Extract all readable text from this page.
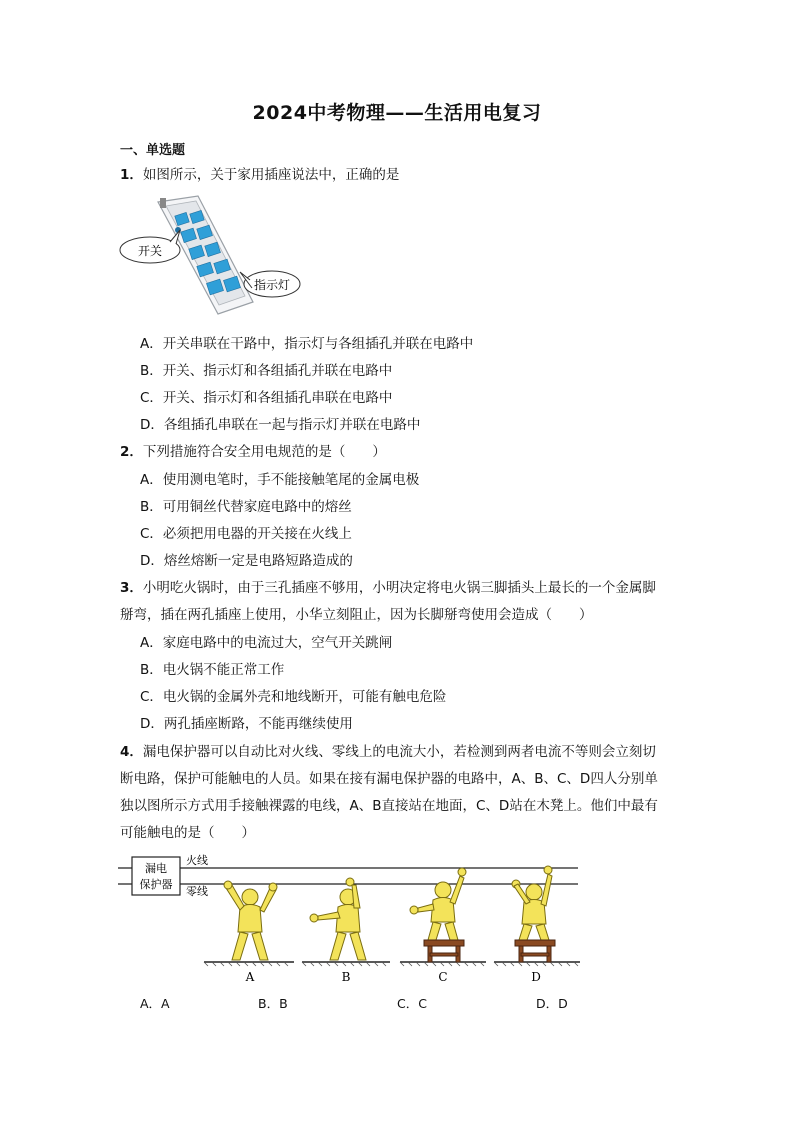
2024中考物理——生活用电复习
一、单选题
1．如图所示，关于家用插座说法中，正确的是
开关
指示灯
A．开关串联在干路中，指示灯与各组插孔并联在电路中
B．开关、指示灯和各组插孔并联在电路中
C．开关、指示灯和各组插孔串联在电路中
D．各组插孔串联在一起与指示灯并联在电路中
2．下列措施符合安全用电规范的是（　　）
A．使用测电笔时，手不能接触笔尾的金属电极
B．可用铜丝代替家庭电路中的熔丝
C．必须把用电器的开关接在火线上
D．熔丝熔断一定是电路短路造成的
3．小明吃火锅时，由于三孔插座不够用，小明决定将电火锅三脚插头上最长的一个金属脚
掰弯，插在两孔插座上使用，小华立刻阻止，因为长脚掰弯使用会造成（　　）
A．家庭电路中的电流过大，空气开关跳闸
B．电火锅不能正常工作
C．电火锅的金属外壳和地线断开，可能有触电危险
D．两孔插座断路，不能再继续使用
4．漏电保护器可以自动比对火线、零线上的电流大小，若检测到两者电流不等则会立刻切
断电路，保护可能触电的人员。如果在接有漏电保护器的电路中，A、B、C、D四人分别单
独以图所示方式用手接触裸露的电线，A、B直接站在地面，C、D站在木凳上。他们中最有
可能触电的是（　　）
漏电
保护器
火线
零线
A	B	C	D
A．A	B．B	C．C	D．D
